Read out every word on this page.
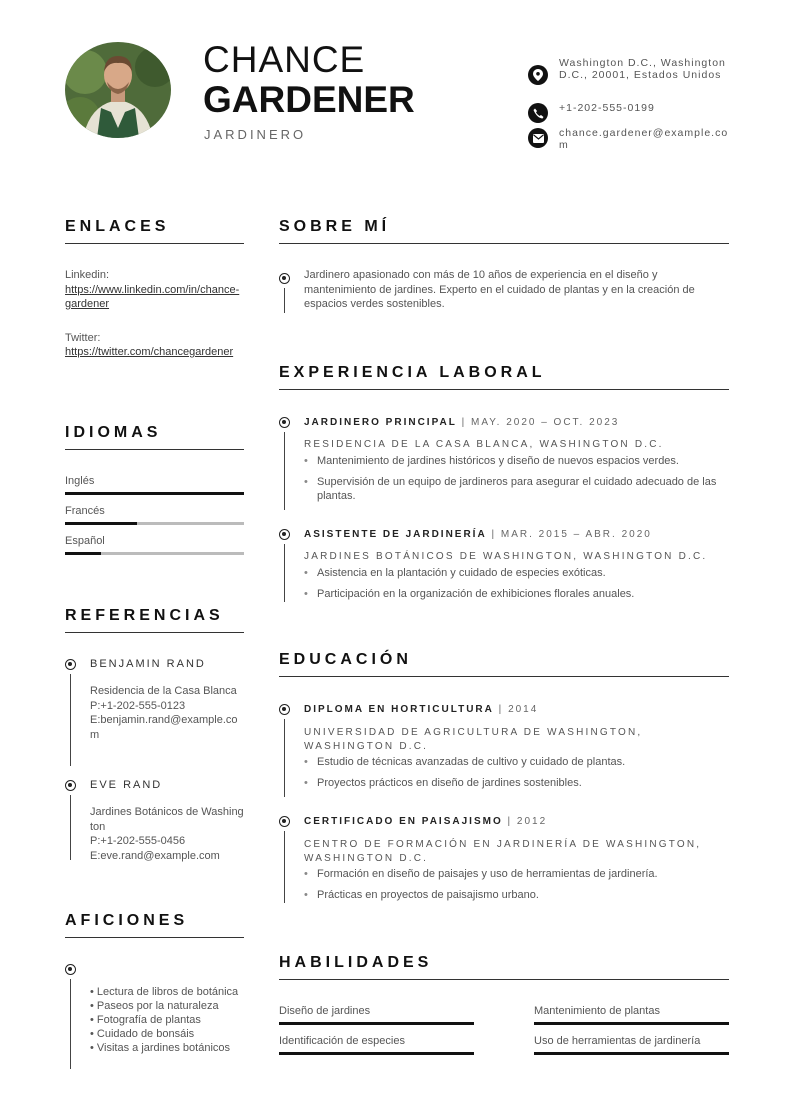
CHANCE
GARDENER
JARDINERO
Washington D.C., Washington D.C., 20001, Estados Unidos
+1-202-555-0199
chance.gardener@example.com
ENLACES
Linkedin:
https://www.linkedin.com/in/chance-gardener
Twitter:
https://twitter.com/chancegardener
IDIOMAS
Inglés
Francés
Español
REFERENCIAS
BENJAMIN RAND
Residencia de la Casa Blanca
P:+1-202-555-0123
E:benjamin.rand@example.com
EVE RAND
Jardines Botánicos de Washington
P:+1-202-555-0456
E:eve.rand@example.com
AFICIONES
• Lectura de libros de botánica
• Paseos por la naturaleza
• Fotografía de plantas
• Cuidado de bonsáis
• Visitas a jardines botánicos
SOBRE MÍ
Jardinero apasionado con más de 10 años de experiencia en el diseño y mantenimiento de jardines. Experto en el cuidado de plantas y en la creación de espacios verdes sostenibles.
EXPERIENCIA LABORAL
JARDINERO PRINCIPAL | MAY. 2020 – OCT. 2023
RESIDENCIA DE LA CASA BLANCA, WASHINGTON D.C.
• Mantenimiento de jardines históricos y diseño de nuevos espacios verdes.
• Supervisión de un equipo de jardineros para asegurar el cuidado adecuado de las plantas.
ASISTENTE DE JARDINERÍA | MAR. 2015 – ABR. 2020
JARDINES BOTÁNICOS DE WASHINGTON, WASHINGTON D.C.
• Asistencia en la plantación y cuidado de especies exóticas.
• Participación en la organización de exhibiciones florales anuales.
EDUCACIÓN
DIPLOMA EN HORTICULTURA | 2014
UNIVERSIDAD DE AGRICULTURA DE WASHINGTON, WASHINGTON D.C.
• Estudio de técnicas avanzadas de cultivo y cuidado de plantas.
• Proyectos prácticos en diseño de jardines sostenibles.
CERTIFICADO EN PAISAJISMO | 2012
CENTRO DE FORMACIÓN EN JARDINERÍA DE WASHINGTON, WASHINGTON D.C.
• Formación en diseño de paisajes y uso de herramientas de jardinería.
• Prácticas en proyectos de paisajismo urbano.
HABILIDADES
Diseño de jardines	Mantenimiento de plantas
Identificación de especies	Uso de herramientas de jardinería
